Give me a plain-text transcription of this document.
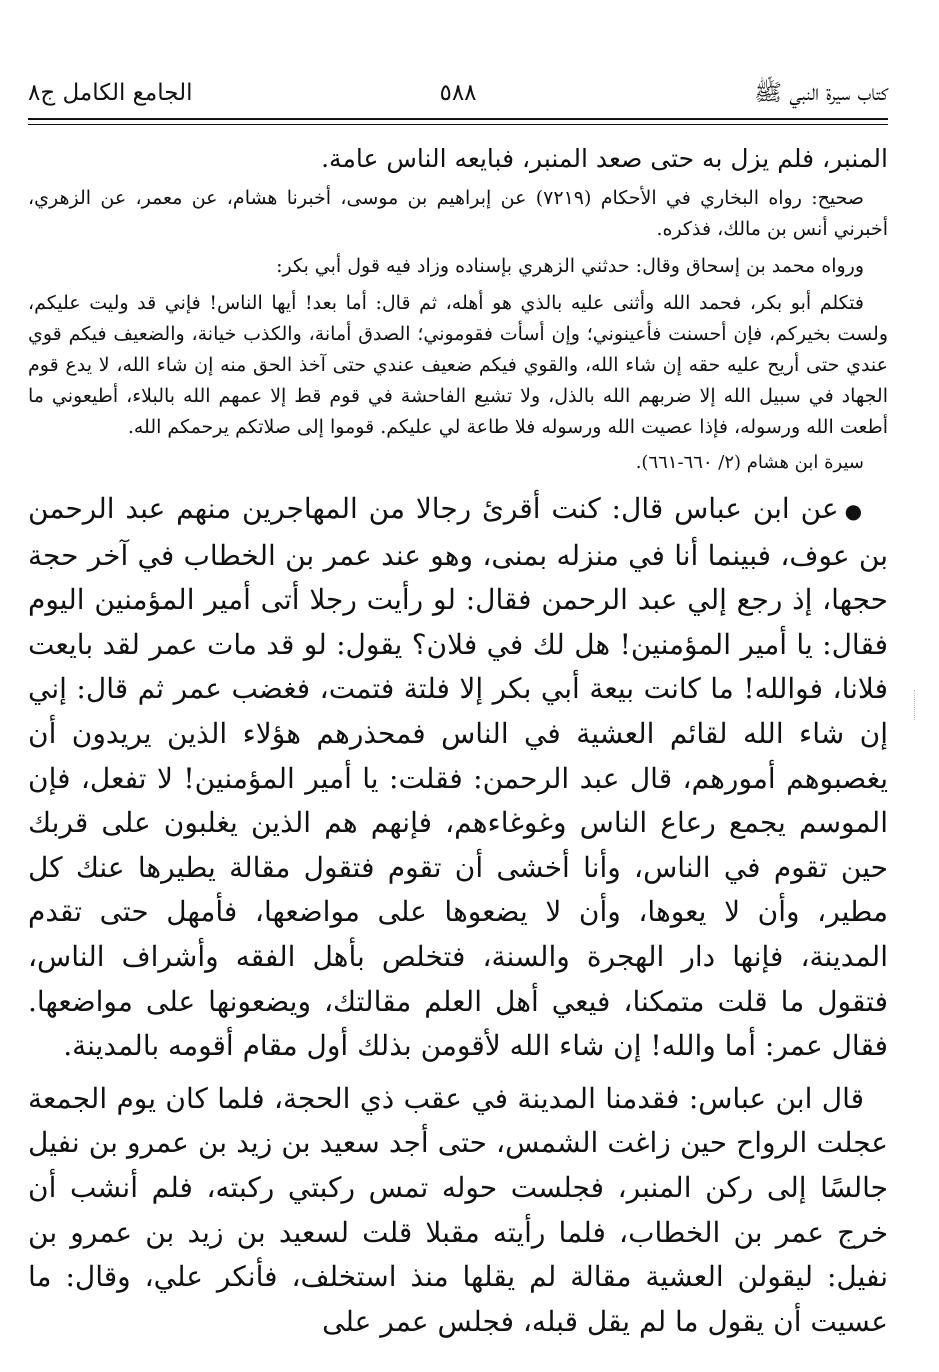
كتاب سيرة النبي ﷺ
٥٨٨
الجامع الكامل ج٨

المنبر، فلم يزل به حتى صعد المنبر، فبايعه الناس عامة.

صحيح: رواه البخاري في الأحكام (٧٢١٩) عن إبراهيم بن موسى، أخبرنا هشام، عن معمر، عن الزهري، أخبرني أنس بن مالك، فذكره.

ورواه محمد بن إسحاق وقال: حدثني الزهري بإسناده وزاد فيه قول أبي بكر:

فتكلم أبو بكر، فحمد الله وأثنى عليه بالذي هو أهله، ثم قال: أما بعد! أيها الناس! فإني قد وليت عليكم، ولست بخيركم، فإن أحسنت فأعينوني؛ وإن أسأت فقوموني؛ الصدق أمانة، والكذب خيانة، والضعيف فيكم قوي عندي حتى أريح عليه حقه إن شاء الله، والقوي فيكم ضعيف عندي حتى آخذ الحق منه إن شاء الله، لا يدع قوم الجهاد في سبيل الله إلا ضربهم الله بالذل، ولا تشيع الفاحشة في قوم قط إلا عمهم الله بالبلاء، أطيعوني ما أطعت الله ورسوله، فإذا عصيت الله ورسوله فلا طاعة لي عليكم. قوموا إلى صلاتكم يرحمكم الله.

سيرة ابن هشام (٢/ ٦٦٠-٦٦١).

●عن ابن عباس قال: كنت أقرئ رجالا من المهاجرين منهم عبد الرحمن بن عوف، فبينما أنا في منزله بمنى، وهو عند عمر بن الخطاب في آخر حجة حجها، إذ رجع إلي عبد الرحمن فقال: لو رأيت رجلا أتى أمير المؤمنين اليوم فقال: يا أمير المؤمنين! هل لك في فلان؟ يقول: لو قد مات عمر لقد بايعت فلانا، فوالله! ما كانت بيعة أبي بكر إلا فلتة فتمت، فغضب عمر ثم قال: إني إن شاء الله لقائم العشية في الناس فمحذرهم هؤلاء الذين يريدون أن يغصبوهم أمورهم، قال عبد الرحمن: فقلت: يا أمير المؤمنين! لا تفعل، فإن الموسم يجمع رعاع الناس وغوغاءهم، فإنهم هم الذين يغلبون على قربك حين تقوم في الناس، وأنا أخشى أن تقوم فتقول مقالة يطيرها عنك كل مطير، وأن لا يعوها، وأن لا يضعوها على مواضعها، فأمهل حتى تقدم المدينة، فإنها دار الهجرة والسنة، فتخلص بأهل الفقه وأشراف الناس، فتقول ما قلت متمكنا، فيعي أهل العلم مقالتك، ويضعونها على مواضعها. فقال عمر: أما والله! إن شاء الله لأقومن بذلك أول مقام أقومه بالمدينة.

قال ابن عباس: فقدمنا المدينة في عقب ذي الحجة، فلما كان يوم الجمعة عجلت الرواح حين زاغت الشمس، حتى أجد سعيد بن زيد بن عمرو بن نفيل جالسًا إلى ركن المنبر، فجلست حوله تمس ركبتي ركبته، فلم أنشب أن خرج عمر بن الخطاب، فلما رأيته مقبلا قلت لسعيد بن زيد بن عمرو بن نفيل: ليقولن العشية مقالة لم يقلها منذ استخلف، فأنكر علي، وقال: ما عسيت أن يقول ما لم يقل قبله، فجلس عمر على
